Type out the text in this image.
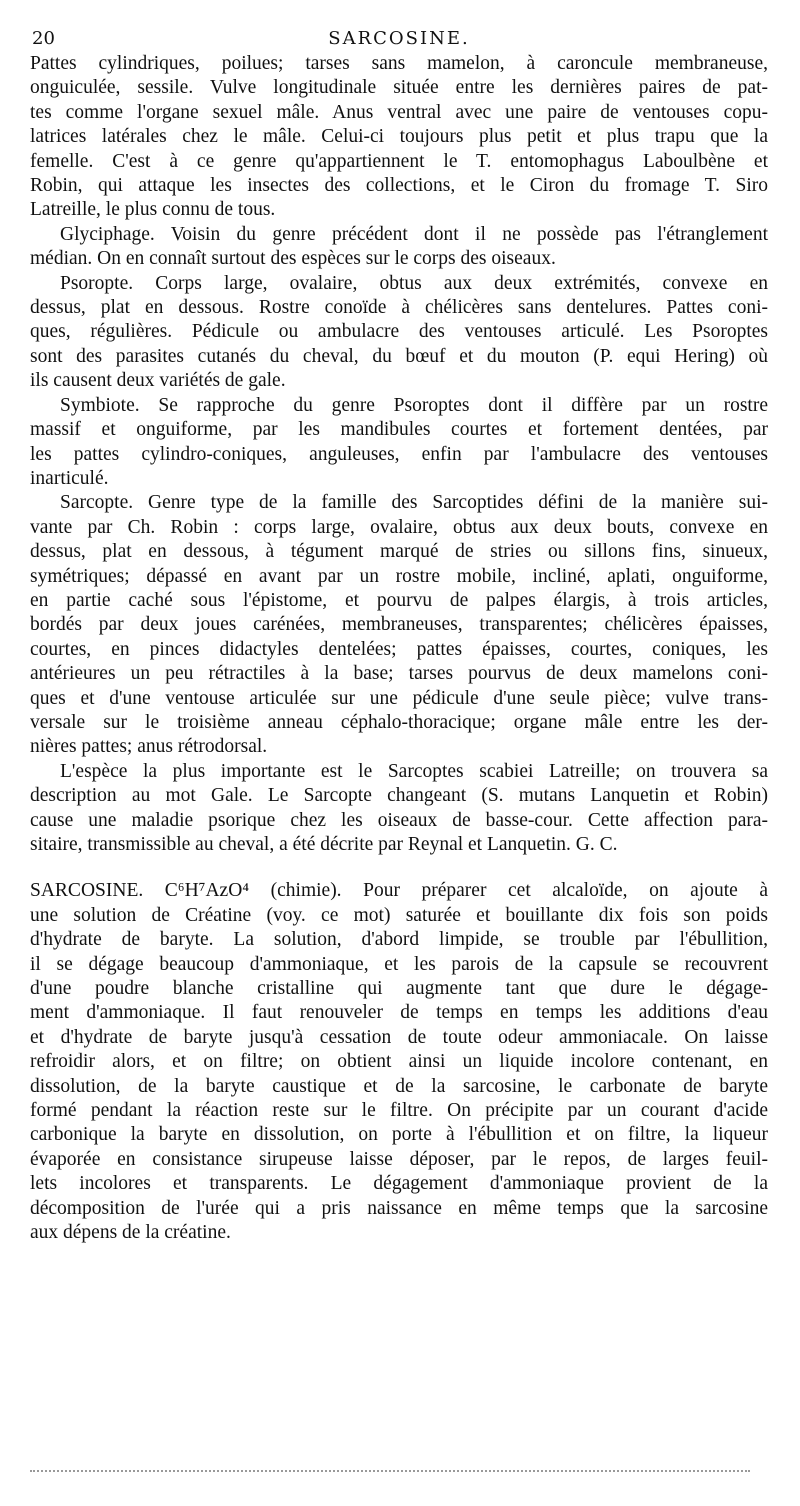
20	SARCOSINE.
Pattes cylindriques, poilues; tarses sans mamelon, à caroncule membraneuse,
onguiculée, sessile. Vulve longitudinale située entre les dernières paires de pat-
tes comme l'organe sexuel mâle. Anus ventral avec une paire de ventouses copu-
latrices latérales chez le mâle. Celui-ci toujours plus petit et plus trapu que la
femelle. C'est à ce genre qu'appartiennent le T. entomophagus Laboulbène et
Robin, qui attaque les insectes des collections, et le Ciron du fromage T. Siro
Latreille, le plus connu de tous.
Glyciphage. Voisin du genre précédent dont il ne possède pas l'étranglement
médian. On en connaît surtout des espèces sur le corps des oiseaux.
Psoropte. Corps large, ovalaire, obtus aux deux extrémités, convexe en
dessus, plat en dessous. Rostre conoïde à chélicères sans dentelures. Pattes coni-
ques, régulières. Pédicule ou ambulacre des ventouses articulé. Les Psoroptes
sont des parasites cutanés du cheval, du bœuf et du mouton (P. equi Hering) où
ils causent deux variétés de gale.
Symbiote. Se rapproche du genre Psoroptes dont il diffère par un rostre
massif et onguiforme, par les mandibules courtes et fortement dentées, par
les pattes cylindro-coniques, anguleuses, enfin par l'ambulacre des ventouses
inarticulé.
Sarcopte. Genre type de la famille des Sarcoptides défini de la manière sui-
vante par Ch. Robin : corps large, ovalaire, obtus aux deux bouts, convexe en
dessus, plat en dessous, à tégument marqué de stries ou sillons fins, sinueux,
symétriques; dépassé en avant par un rostre mobile, incliné, aplati, onguiforme,
en partie caché sous l'épistome, et pourvu de palpes élargis, à trois articles,
bordés par deux joues carénées, membraneuses, transparentes; chélicères épaisses,
courtes, en pinces didactyles dentelées; pattes épaisses, courtes, coniques, les
antérieures un peu rétractiles à la base; tarses pourvus de deux mamelons coni-
ques et d'une ventouse articulée sur une pédicule d'une seule pièce; vulve trans-
versale sur le troisième anneau céphalo-thoracique; organe mâle entre les der-
nières pattes; anus rétrodorsal.
L'espèce la plus importante est le Sarcoptes scabiei Latreille; on trouvera sa
description au mot Gale. Le Sarcopte changeant (S. mutans Lanquetin et Robin)
cause une maladie psorique chez les oiseaux de basse-cour. Cette affection para-
sitaire, transmissible au cheval, a été décrite par Reynal et Lanquetin. G. C.
SARCOSINE. C⁶H⁷AzO⁴ (chimie). Pour préparer cet alcaloïde, on ajoute à
une solution de Créatine (voy. ce mot) saturée et bouillante dix fois son poids
d'hydrate de baryte. La solution, d'abord limpide, se trouble par l'ébullition,
il se dégage beaucoup d'ammoniaque, et les parois de la capsule se recouvrent
d'une poudre blanche cristalline qui augmente tant que dure le dégage-
ment d'ammoniaque. Il faut renouveler de temps en temps les additions d'eau
et d'hydrate de baryte jusqu'à cessation de toute odeur ammoniacale. On laisse
refroidir alors, et on filtre; on obtient ainsi un liquide incolore contenant, en
dissolution, de la baryte caustique et de la sarcosine, le carbonate de baryte
formé pendant la réaction reste sur le filtre. On précipite par un courant d'acide
carbonique la baryte en dissolution, on porte à l'ébullition et on filtre, la liqueur
évaporée en consistance sirupeuse laisse déposer, par le repos, de larges feuil-
lets incolores et transparents. Le dégagement d'ammoniaque provient de la
décomposition de l'urée qui a pris naissance en même temps que la sarcosine
aux dépens de la créatine.
